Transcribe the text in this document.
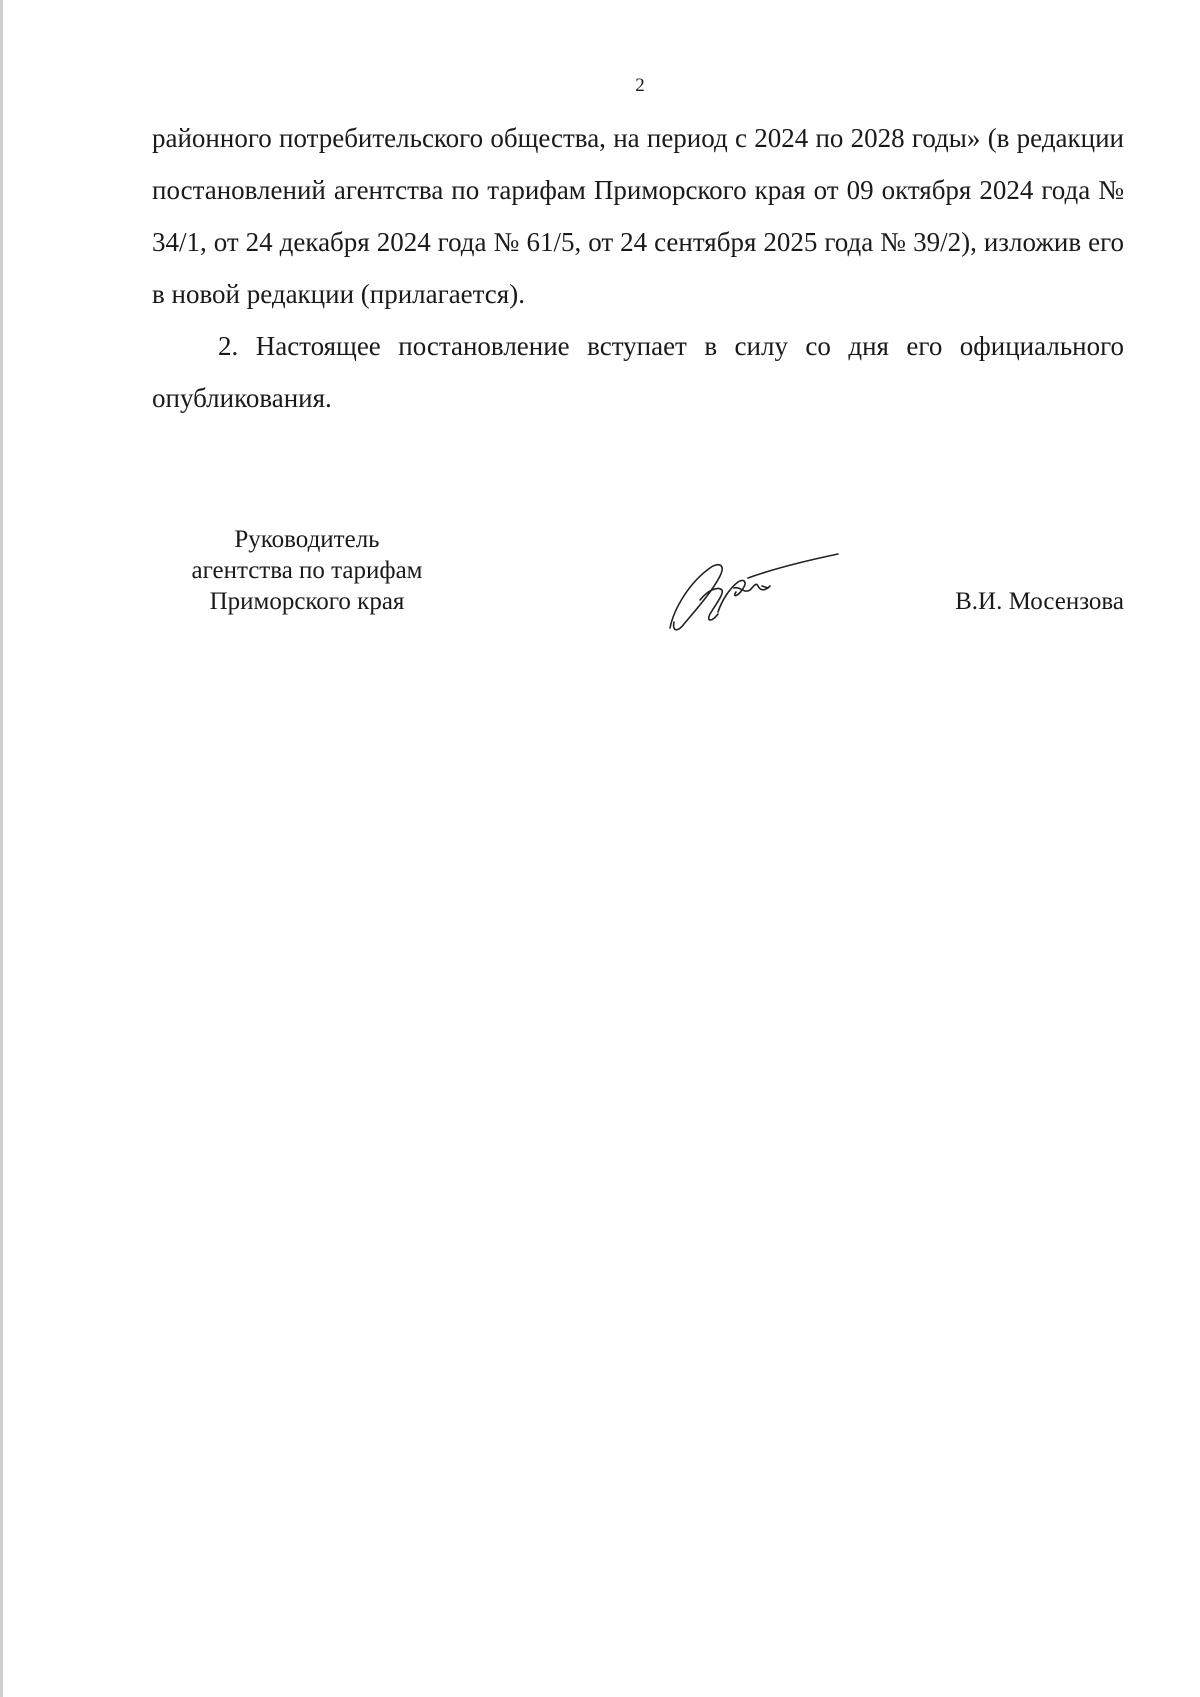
2

районного потребительского общества, на период с 2024 по 2028 годы» (в редакции постановлений агентства по тарифам Приморского края от 09 октября 2024 года № 34/1, от 24 декабря 2024 года № 61/5, от 24 сентября 2025 года № 39/2), изложив его в новой редакции (прилагается).

2. Настоящее постановление вступает в силу со дня его официального опубликования.

Руководитель
агентства по тарифам
Приморского края	В.И. Мосензова
